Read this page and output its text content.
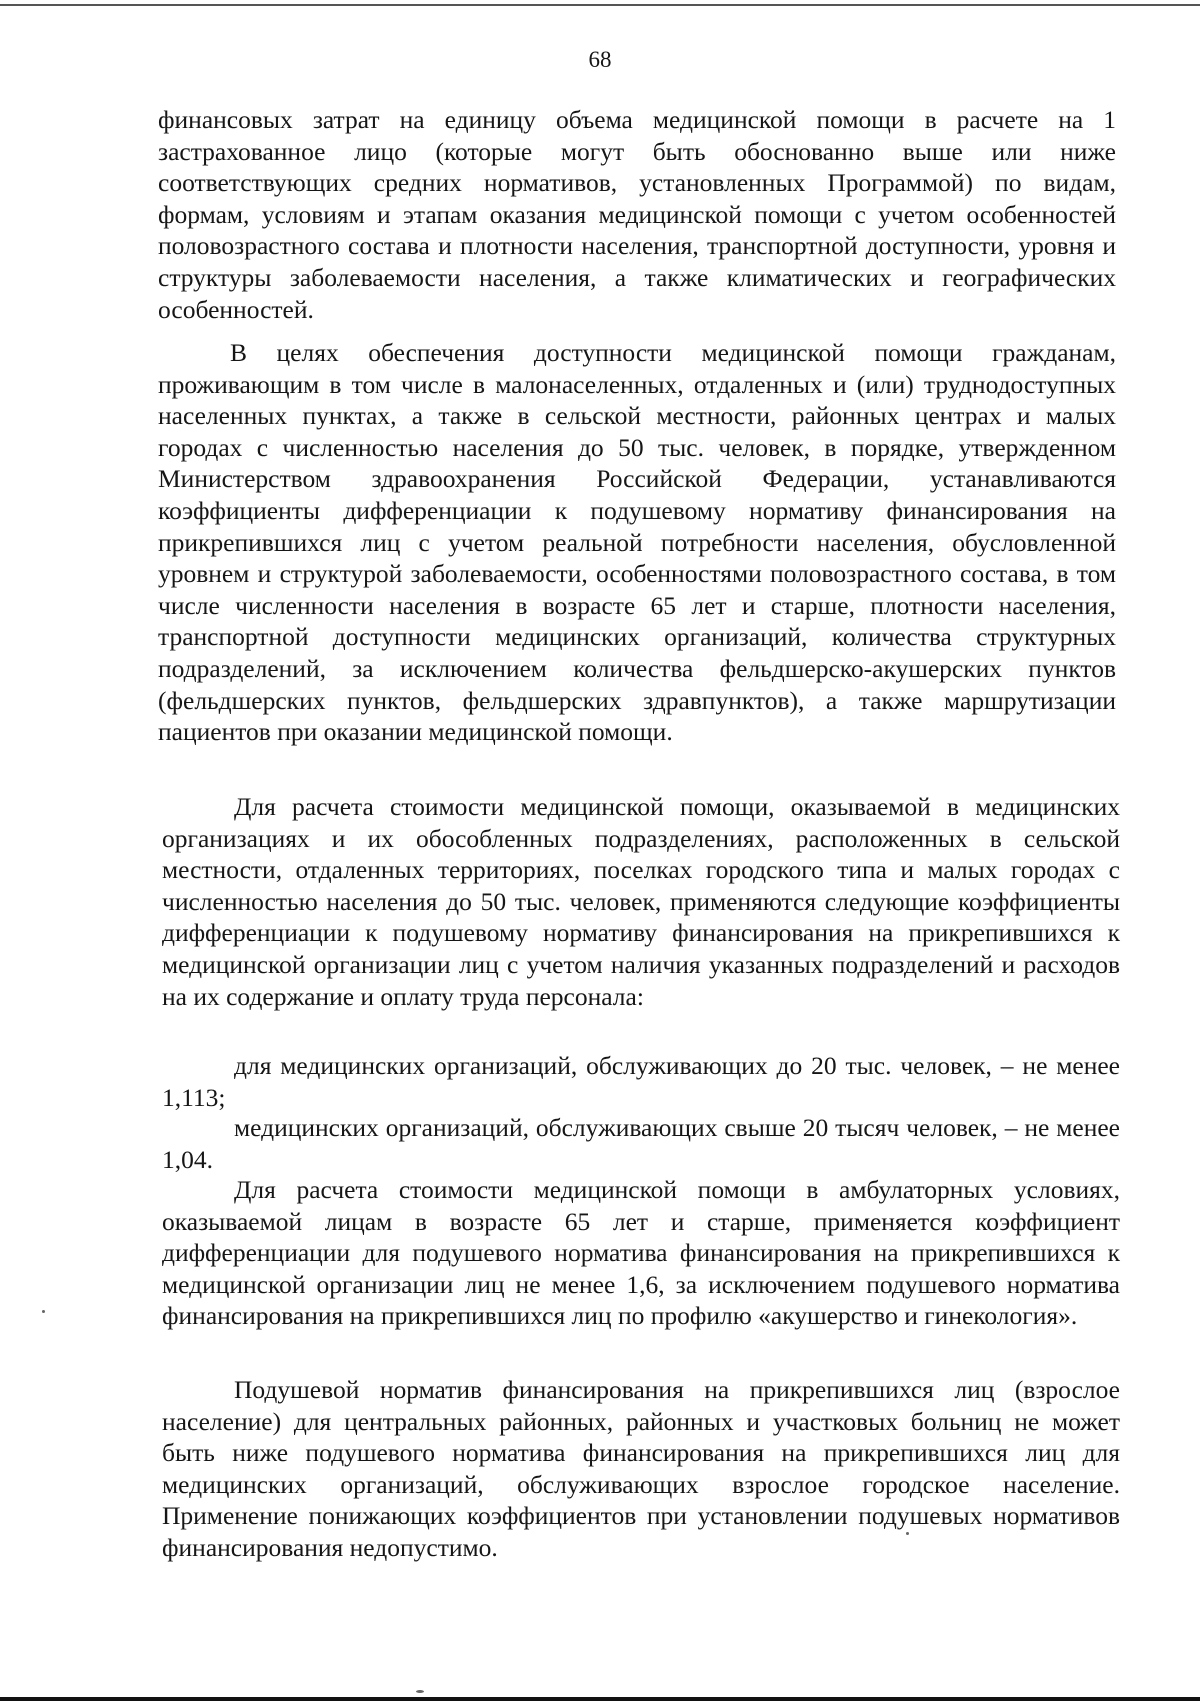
68

финансовых затрат на единицу объема медицинской помощи в расчете на 1 застрахованное лицо (которые могут быть обоснованно выше или ниже соответствующих средних нормативов, установленных Программой) по видам, формам, условиям и этапам оказания медицинской помощи с учетом особенностей половозрастного состава и плотности населения, транспортной доступности, уровня и структуры заболеваемости населения, а также климатических и географических особенностей.

В целях обеспечения доступности медицинской помощи гражданам, проживающим в том числе в малонаселенных, отдаленных и (или) труднодоступных населенных пунктах, а также в сельской местности, районных центрах и малых городах с численностью населения до 50 тыс. человек, в порядке, утвержденном Министерством здравоохранения Российской Федерации, устанавливаются коэффициенты дифференциации к подушевому нормативу финансирования на прикрепившихся лиц с учетом реальной потребности населения, обусловленной уровнем и структурой заболеваемости, особенностями половозрастного состава, в том числе численности населения в возрасте 65 лет и старше, плотности населения, транспортной доступности медицинских организаций, количества структурных подразделений, за исключением количества фельдшерско-акушерских пунктов (фельдшерских пунктов, фельдшерских здравпунктов), а также маршрутизации пациентов при оказании медицинской помощи.

Для расчета стоимости медицинской помощи, оказываемой в медицинских организациях и их обособленных подразделениях, расположенных в сельской местности, отдаленных территориях, поселках городского типа и малых городах с численностью населения до 50 тыс. человек, применяются следующие коэффициенты дифференциации к подушевому нормативу финансирования на прикрепившихся к медицинской организации лиц с учетом наличия указанных подразделений и расходов на их содержание и оплату труда персонала:

для медицинских организаций, обслуживающих до 20 тыс. человек, – не менее 1,113;

медицинских организаций, обслуживающих свыше 20 тысяч человек, – не менее 1,04.

Для расчета стоимости медицинской помощи в амбулаторных условиях, оказываемой лицам в возрасте 65 лет и старше, применяется коэффициент дифференциации для подушевого норматива финансирования на прикрепившихся к медицинской организации лиц не менее 1,6, за исключением подушевого норматива финансирования на прикрепившихся лиц по профилю «акушерство и гинекология».

Подушевой норматив финансирования на прикрепившихся лиц (взрослое население) для центральных районных, районных и участковых больниц не может быть ниже подушевого норматива финансирования на прикрепившихся лиц для медицинских организаций, обслуживающих взрослое городское население. Применение понижающих коэффициентов при установлении подушевых нормативов финансирования недопустимо.
